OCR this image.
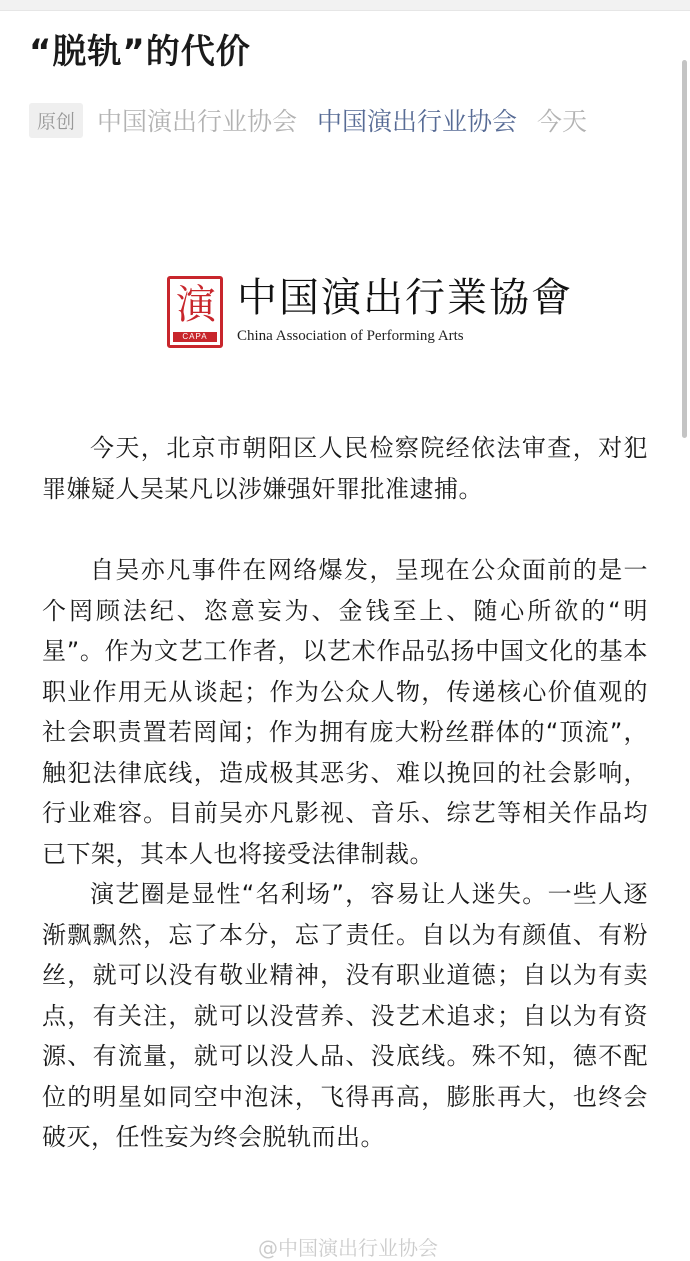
“脱轨”的代价
原创 中国演出行业协会 中国演出行业协会 今天
演
CAPA
中国演出行業協會
China Association of Performing Arts

今天，北京市朝阳区人民检察院经依法审查，对犯罪嫌疑人吴某凡以涉嫌强奸罪批准逮捕。

自吴亦凡事件在网络爆发，呈现在公众面前的是一个罔顾法纪、恣意妄为、金钱至上、随心所欲的“明星”。作为文艺工作者，以艺术作品弘扬中国文化的基本职业作用无从谈起；作为公众人物，传递核心价值观的社会职责置若罔闻；作为拥有庞大粉丝群体的“顶流”，触犯法律底线，造成极其恶劣、难以挽回的社会影响，行业难容。目前吴亦凡影视、音乐、综艺等相关作品均已下架，其本人也将接受法律制裁。

演艺圈是显性“名利场”，容易让人迷失。一些人逐渐飘飘然，忘了本分，忘了责任。自以为有颜值、有粉丝，就可以没有敬业精神，没有职业道德；自以为有卖点，有关注，就可以没营养、没艺术追求；自以为有资源、有流量，就可以没人品、没底线。殊不知，德不配位的明星如同空中泡沫，飞得再高，膨胀再大，也终会破灭，任性妄为终会脱轨而出。

@中国演出行业协会
